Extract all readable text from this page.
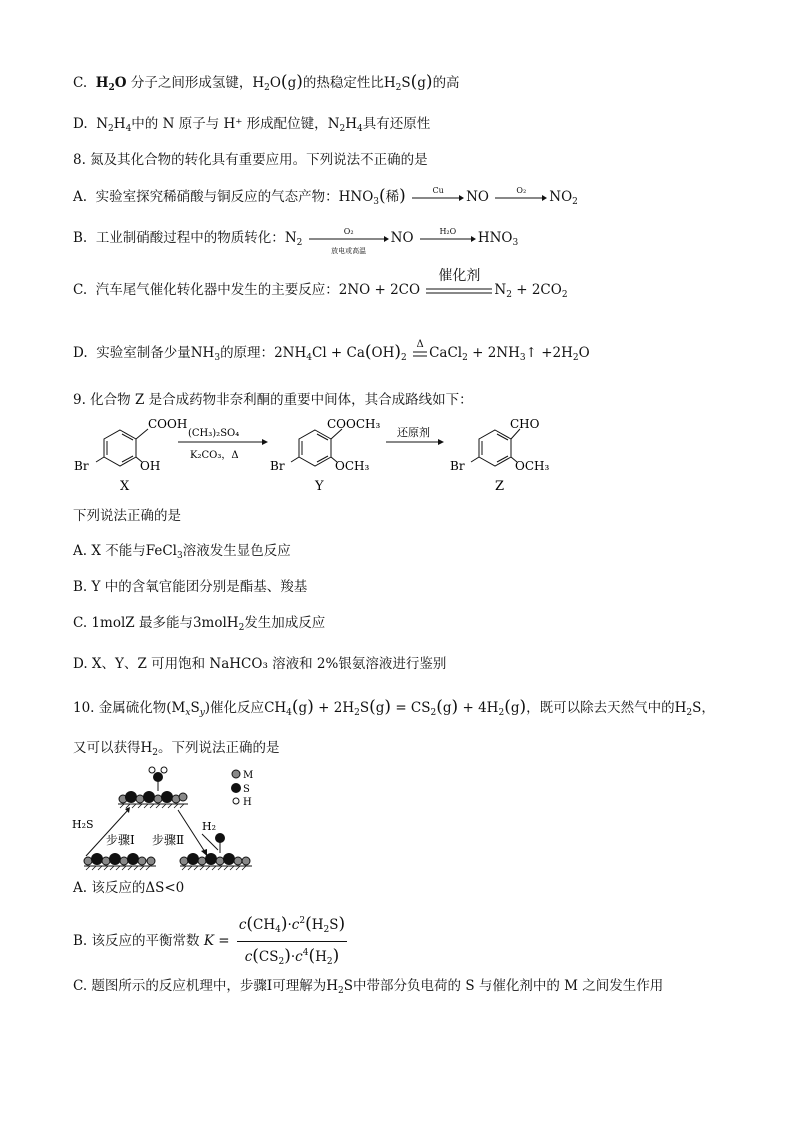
C. $H_2O$ 分子之间形成氢键，$H_2O(g)$的热稳定性比$H_2S(g)$的高
D.  $N_2H_4$中的 N 原子与 H⁺ 形成配位键，$N_2H_4$具有还原性
8. 氮及其化合物的转化具有重要应用。下列说法不正确的是
A. 实验室探究稀硝酸与铜反应的气态产物：$HNO_3$(稀)	Cu	NO	O₂	$NO_2$
B. 工业制硝酸过程中的物质转化：$N_2$
O₂
放电或高温
NO	H₂O	$HNO_3$
C. 汽车尾气催化转化器中发生的主要反应：2NO + 2CO
催化剂
$N_2 + 2CO_2$
D. 实验室制备少量$NH_3$的原理：$2NH_4Cl + Ca(OH)_2$
Δ
CaCl$_2$ + $2NH_3↑ +2H_2O$
9. 化合物 Z 是合成药物非奈利酮的重要中间体，其合成路线如下：
COOH
OH
Br
X
(CH₃)₂SO₄
K₂CO₃，Δ
COOCH₃
OCH₃
Br
Y
还原剂
CHO
OCH₃
Br
Z
下列说法正确的是
A. X 不能与FeCl$_3$溶液发生显色反应
B. Y 中的含氧官能团分别是酯基、羧基
C. 1molZ 最多能与3molH$_2$发生加成反应
D. X、Y、Z 可用饱和 NaHCO₃ 溶液和 2%银氨溶液进行鉴别
10. 金属硫化物$(M_xS_y)$催化反应$CH_4(g) + 2H_2S(g) = CS_2(g) + 4H_2(g)$，既可以除去天然气中的$H_2S$，
又可以获得$H_2$。下列说法正确的是
M
S
H
H₂S	H₂
步骤Ⅰ 步骤Ⅱ
A. 该反应的ΔS<0
B. 该反应的平衡常数 $K = \frac{c(CH_4)\cdot c^2(H_2S)}{c(CS_2)\cdot c^4(H_2)}$
C. 题图所示的反应机理中，步骤Ⅰ可理解为$H_2S$中带部分负电荷的 S 与催化剂中的 M 之间发生作用
